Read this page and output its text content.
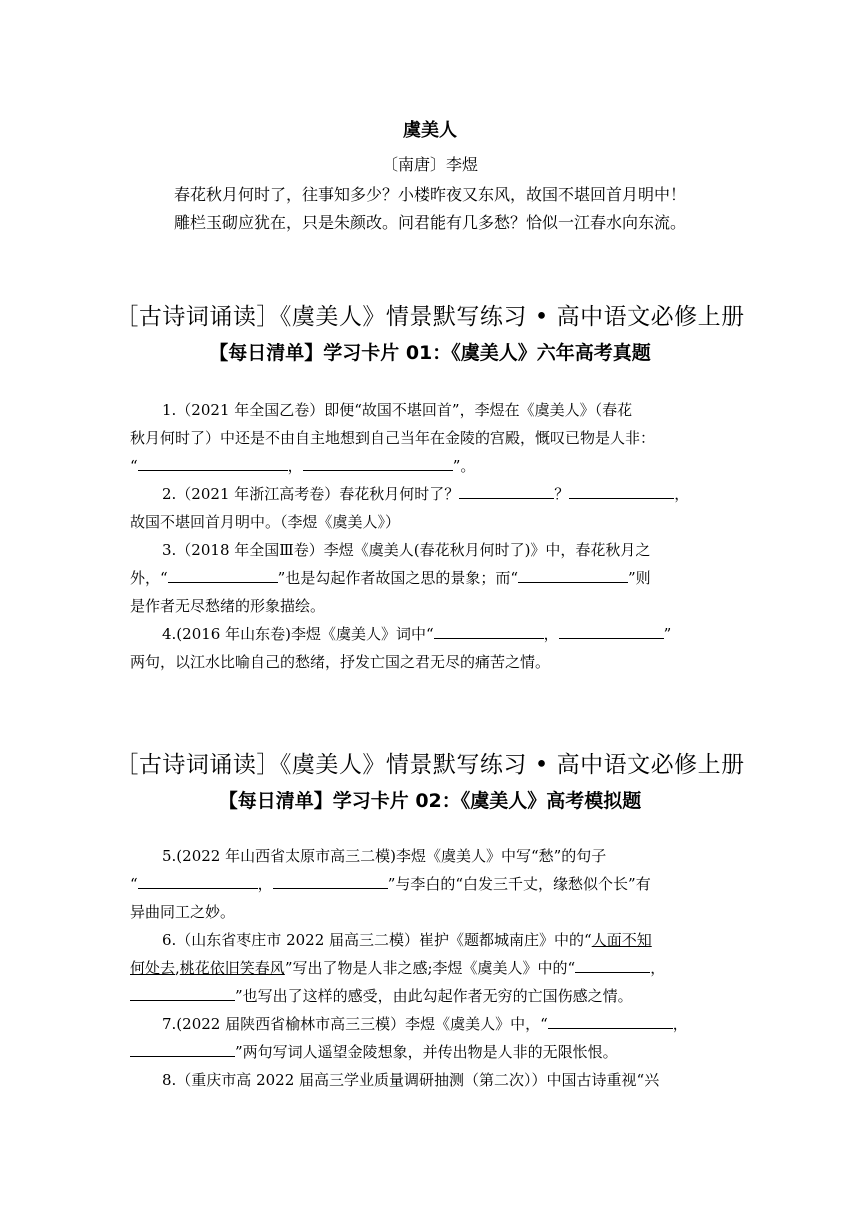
虞美人
〔南唐〕李煜
春花秋月何时了，往事知多少？小楼昨夜又东风，故国不堪回首月明中！
雕栏玉砌应犹在，只是朱颜改。问君能有几多愁？恰似一江春水向东流。
［古诗词诵读］《虞美人》情景默写练习 • 高中语文必修上册
【每日清单】学习卡片 01：《虞美人》六年高考真题
1.（2021 年全国乙卷）即便“故国不堪回首”，李煜在《虞美人》（春花
秋月何时了）中还是不由自主地想到自己当年在金陵的宫殿，慨叹已物是人非：
“	，	”。
2.（2021 年浙江高考卷）春花秋月何时了？	？	，
故国不堪回首月明中。（李煜《虞美人》）
3.（2018 年全国Ⅲ卷）李煜《虞美人(春花秋月何时了)》中，春花秋月之
外，“	”也是勾起作者故国之思的景象；而“	”则
是作者无尽愁绪的形象描绘。
4.(2016 年山东卷)李煜《虞美人》词中“	，	”
两句，以江水比喻自己的愁绪，抒发亡国之君无尽的痛苦之情。
［古诗词诵读］《虞美人》情景默写练习 • 高中语文必修上册
【每日清单】学习卡片 02：《虞美人》高考模拟题
5.(2022 年山西省太原市高三二模)李煜《虞美人》中写“愁”的句子
“	，	”与李白的“白发三千丈，缘愁似个长”有
异曲同工之妙。
6.（山东省枣庄市 2022 届高三二模）崔护《题都城南庄》中的“人面不知
何处去,桃花依旧笑春风”写出了物是人非之感;李煜《虞美人》中的“	，
”也写出了这样的感受，由此勾起作者无穷的亡国伤感之情。
7.(2022 届陕西省榆林市高三三模）李煜《虞美人》中，“	，
”两句写词人遥望金陵想象，并传出物是人非的无限怅恨。
8.（重庆市高 2022 届高三学业质量调研抽测（第二次））中国古诗重视“兴
